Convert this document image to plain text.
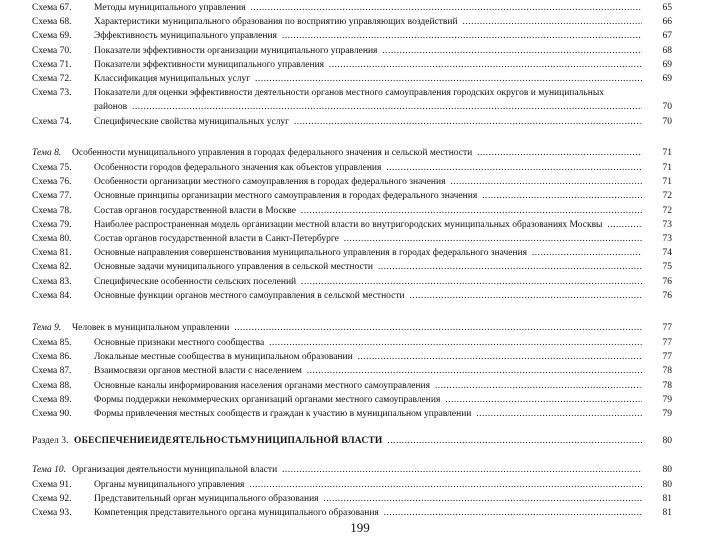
Схема 67.	Методы муниципального управления .....	65
Схема 68.	Характеристики муниципального образования по восприятию управляющих воздействий .....	66
Схема 69.	Эффективность муниципального управления .....	67
Схема 70.	Показатели эффективности организации муниципального управления .....	68
Схема 71.	Показатели эффективности муниципального управления .....	69
Схема 72.	Классификация муниципальных услуг .....	69
Схема 73.	Показатели для оценки эффективности деятельности органов местного самоуправления городских округов и муниципальных
районов .....	70
Схема 74.	Специфические свойства муниципальных услуг .....	70
Тема 8.	Особенности муниципального управления в городах федерального значения и сельской местности .....	71
Схема 75.	Особенности городов федерального значения как объектов управления .....	71
Схема 76.	Особенности организации местного самоуправления в городах федерального значения .....	71
Схема 77.	Основные принципы организации местного самоуправления в городах федерального значения .....	72
Схема 78.	Состав органов государственной власти в Москве .....	72
Схема 79.	Наиболее распространенная модель организации местной власти во внутригородских муниципальных образованиях Москвы .....	73
Схема 80.	Состав органов государственной власти в Санкт-Петербурге .....	73
Схема 81.	Основные направления совершенствования муниципального управления в городах федерального значения .....	74
Схема 82.	Основные задачи муниципального управления в сельской местности .....	75
Схема 83.	Специфические особенности сельских поселений .....	76
Схема 84.	Основные функции органов местного самоуправления в сельской местности .....	76
Тема 9.	Человек в муниципальном управлении .....	77
Схема 85.	Основные признаки местного сообщества .....	77
Схема 86.	Локальные местные сообщества в муниципальном образовании .....	77
Схема 87.	Взаимосвязи органов местной власти с населением .....	78
Схема 88.	Основные каналы информирования населения органами местного самоуправления .....	78
Схема 89.	Формы поддержки некоммерческих организаций органами местного самоуправления .....	79
Схема 90.	Формы привлечения местных сообществ и граждан к участию в муниципальном управлении .....	79
Раздел 3. ОБЕСПЕЧЕНИЕИДЕЯТЕЛЬНОСТЬМУНИЦИПАЛЬНОЙ ВЛАСТИ .....	80
Тема 10. Организация деятельности муниципальной власти .....	80
Схема 91.	Органы муниципального управления .....	80
Схема 92.	Представительный орган муниципального образования .....	81
Схема 93.	Компетенция представительного органа муниципального образования .....	81
199
